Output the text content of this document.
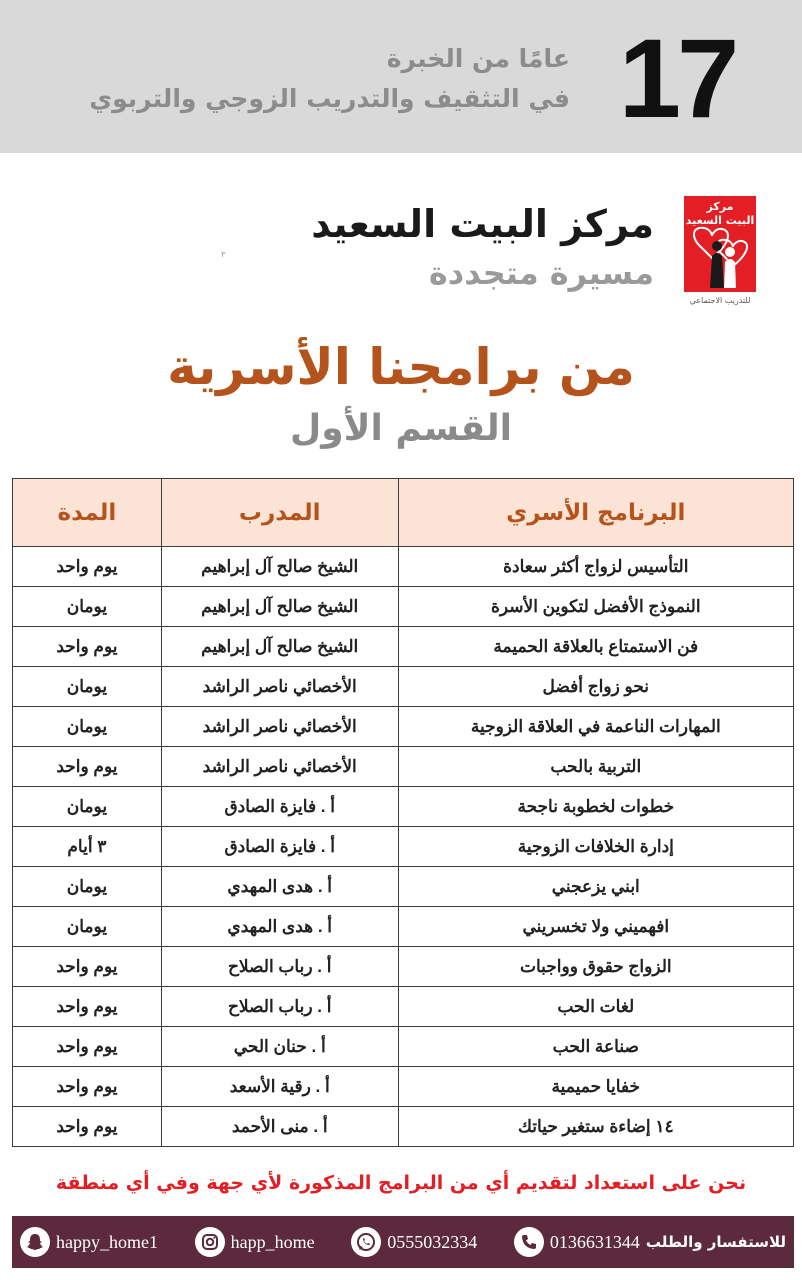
17
عامًا من الخبرة
في التثقيف والتدريب الزوجي والتربوي
مركز
البيت السعيد
للتدريب الاجتماعي
مركز البيت السعيد
مسيرة متجددة
٣
من برامجنا الأسرية
القسم الأول
البرنامج الأسري	المدرب	المدة
التأسيس لزواج أكثر سعادة	الشيخ صالح آل إبراهيم	يوم واحد
النموذج الأفضل لتكوين الأسرة	الشيخ صالح آل إبراهيم	يومان
فن الاستمتاع بالعلاقة الحميمة	الشيخ صالح آل إبراهيم	يوم واحد
نحو زواج أفضل	الأخصائي ناصر الراشد	يومان
المهارات الناعمة في العلاقة الزوجية	الأخصائي ناصر الراشد	يومان
التربية بالحب	الأخصائي ناصر الراشد	يوم واحد
خطوات لخطوبة ناجحة	أ . فايزة الصادق	يومان
إدارة الخلافات الزوجية	أ . فايزة الصادق	٣ أيام
ابني يزعجني	أ . هدى المهدي	يومان
افهميني ولا تخسريني	أ . هدى المهدي	يومان
الزواج حقوق وواجبات	أ . رباب الصلاح	يوم واحد
لغات الحب	أ . رباب الصلاح	يوم واحد
صناعة الحب	أ . حنان الحي	يوم واحد
خفايا حميمية	أ . رقية الأسعد	يوم واحد
١٤ إضاءة ستغير حياتك	أ . منى الأحمد	يوم واحد
نحن على استعداد لتقديم أي من البرامج المذكورة لأي جهة وفي أي منطقة
happy_home1	happ_home	0555032334	0136631344 للاستفسار والطلب
